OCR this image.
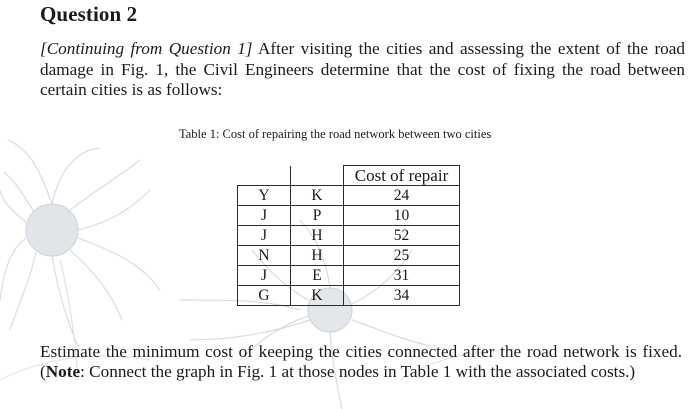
Question 2
[Continuing from Question 1] After visiting the cities and assessing the extent of the road damage in Fig. 1, the Civil Engineers determine that the cost of fixing the road between certain cities is as follows:
Table 1: Cost of repairing the road network between two cities
		Cost of repair
Y	K	24
J	P	10
J	H	52
N	H	25
J	E	31
G	K	34
Estimate the minimum cost of keeping the cities connected after the road network is fixed. (Note: Connect the graph in Fig. 1 at those nodes in Table 1 with the associated costs.)
